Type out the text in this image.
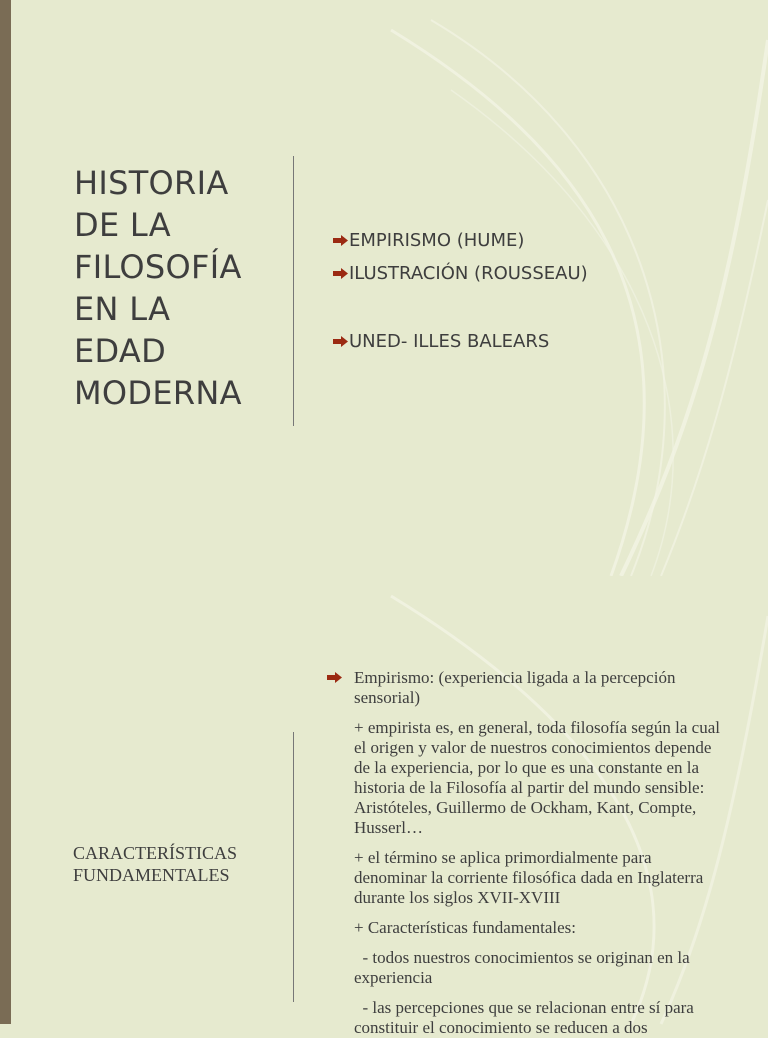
HISTORIA
DE LA
FILOSOFÍA
EN LA
EDAD
MODERNA
EMPIRISMO (HUME)
ILUSTRACIÓN (ROUSSEAU)
UNED- ILLES BALEARS
CARACTERÍSTICAS
FUNDAMENTALES
Empirismo: (experiencia ligada a la percepción sensorial)
+ empirista es, en general, toda filosofía según la cual el origen y valor de nuestros conocimientos depende de la experiencia, por lo que es una constante en la historia de la Filosofía al partir del mundo sensible: Aristóteles, Guillermo de Ockham, Kant, Compte, Husserl…
+ el término se aplica primordialmente para denominar la corriente filosófica dada en Inglaterra durante los siglos XVII-XVIII
+ Características fundamentales:
- todos nuestros conocimientos se originan en la experiencia
- las percepciones que se relacionan entre sí para constituir el conocimiento se reducen a dos
